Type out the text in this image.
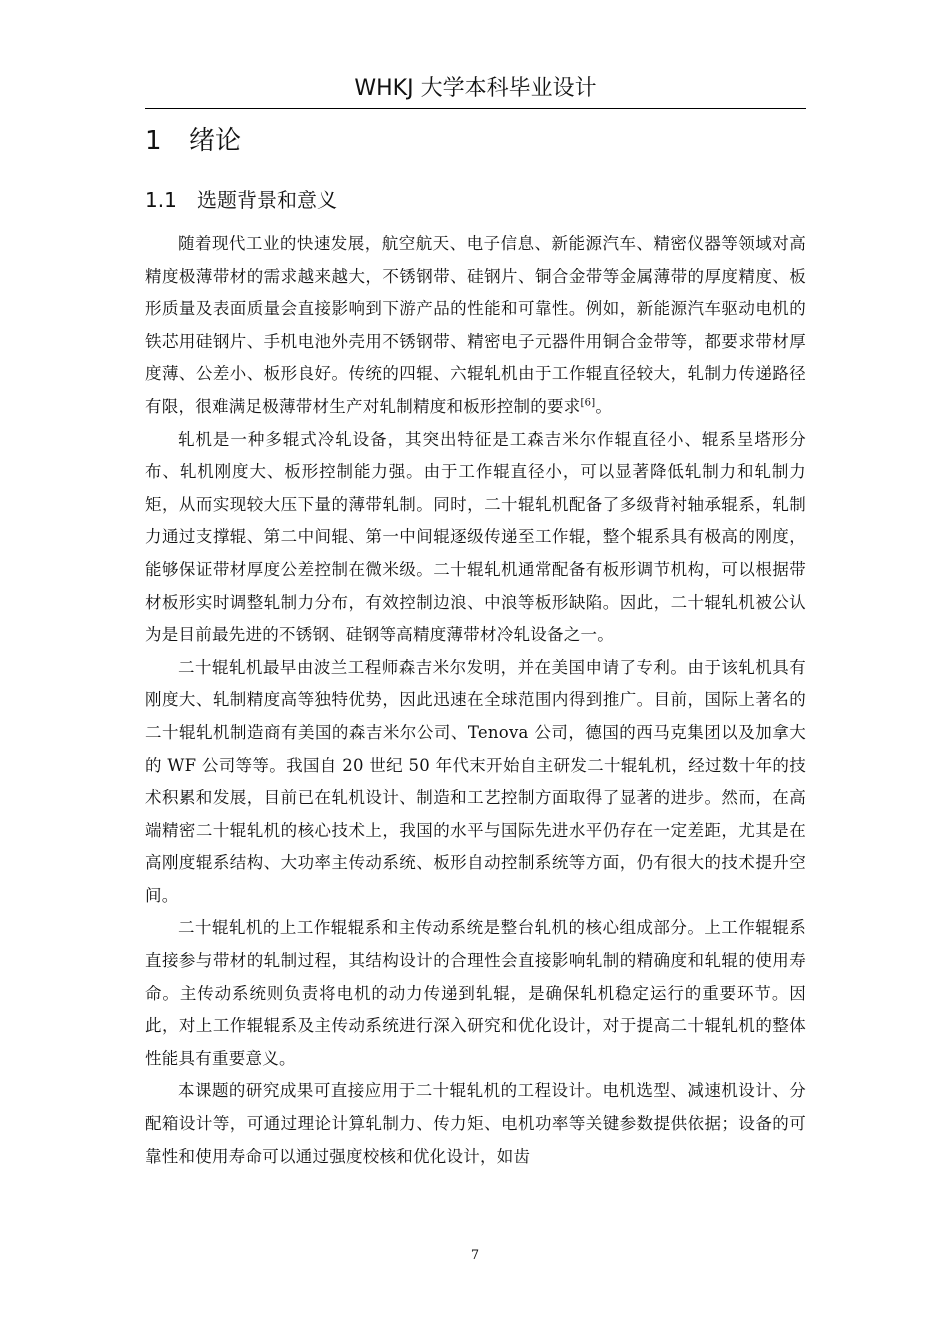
WHKJ 大学本科毕业设计
1 绪论
1.1 选题背景和意义

随着现代工业的快速发展，航空航天、电子信息、新能源汽车、精密仪器等领域对高精度极薄带材的需求越来越大，不锈钢带、硅钢片、铜合金带等金属薄带的厚度精度、板形质量及表面质量会直接影响到下游产品的性能和可靠性。例如，新能源汽车驱动电机的铁芯用硅钢片、手机电池外壳用不锈钢带、精密电子元器件用铜合金带等，都要求带材厚度薄、公差小、板形良好。传统的四辊、六辊轧机由于工作辊直径较大，轧制力传递路径有限，很难满足极薄带材生产对轧制精度和板形控制的要求[6]。

轧机是一种多辊式冷轧设备，其突出特征是工森吉米尔作辊直径小、辊系呈塔形分布、轧机刚度大、板形控制能力强。由于工作辊直径小，可以显著降低轧制力和轧制力矩，从而实现较大压下量的薄带轧制。同时，二十辊轧机配备了多级背衬轴承辊系，轧制力通过支撑辊、第二中间辊、第一中间辊逐级传递至工作辊，整个辊系具有极高的刚度，能够保证带材厚度公差控制在微米级。二十辊轧机通常配备有板形调节机构，可以根据带材板形实时调整轧制力分布，有效控制边浪、中浪等板形缺陷。因此，二十辊轧机被公认为是目前最先进的不锈钢、硅钢等高精度薄带材冷轧设备之一。

二十辊轧机最早由波兰工程师森吉米尔发明，并在美国申请了专利。由于该轧机具有刚度大、轧制精度高等独特优势，因此迅速在全球范围内得到推广。目前，国际上著名的二十辊轧机制造商有美国的森吉米尔公司、Tenova 公司，德国的西马克集团以及加拿大的 WF 公司等等。我国自 20 世纪 50 年代末开始自主研发二十辊轧机，经过数十年的技术积累和发展，目前已在轧机设计、制造和工艺控制方面取得了显著的进步。然而，在高端精密二十辊轧机的核心技术上，我国的水平与国际先进水平仍存在一定差距，尤其是在高刚度辊系结构、大功率主传动系统、板形自动控制系统等方面，仍有很大的技术提升空间。

二十辊轧机的上工作辊辊系和主传动系统是整台轧机的核心组成部分。上工作辊辊系直接参与带材的轧制过程，其结构设计的合理性会直接影响轧制的精确度和轧辊的使用寿命。主传动系统则负责将电机的动力传递到轧辊，是确保轧机稳定运行的重要环节。因此，对上工作辊辊系及主传动系统进行深入研究和优化设计，对于提高二十辊轧机的整体性能具有重要意义。

本课题的研究成果可直接应用于二十辊轧机的工程设计。电机选型、减速机设计、分配箱设计等，可通过理论计算轧制力、传力矩、电机功率等关键参数提供依据；设备的可靠性和使用寿命可以通过强度校核和优化设计，如齿

7
